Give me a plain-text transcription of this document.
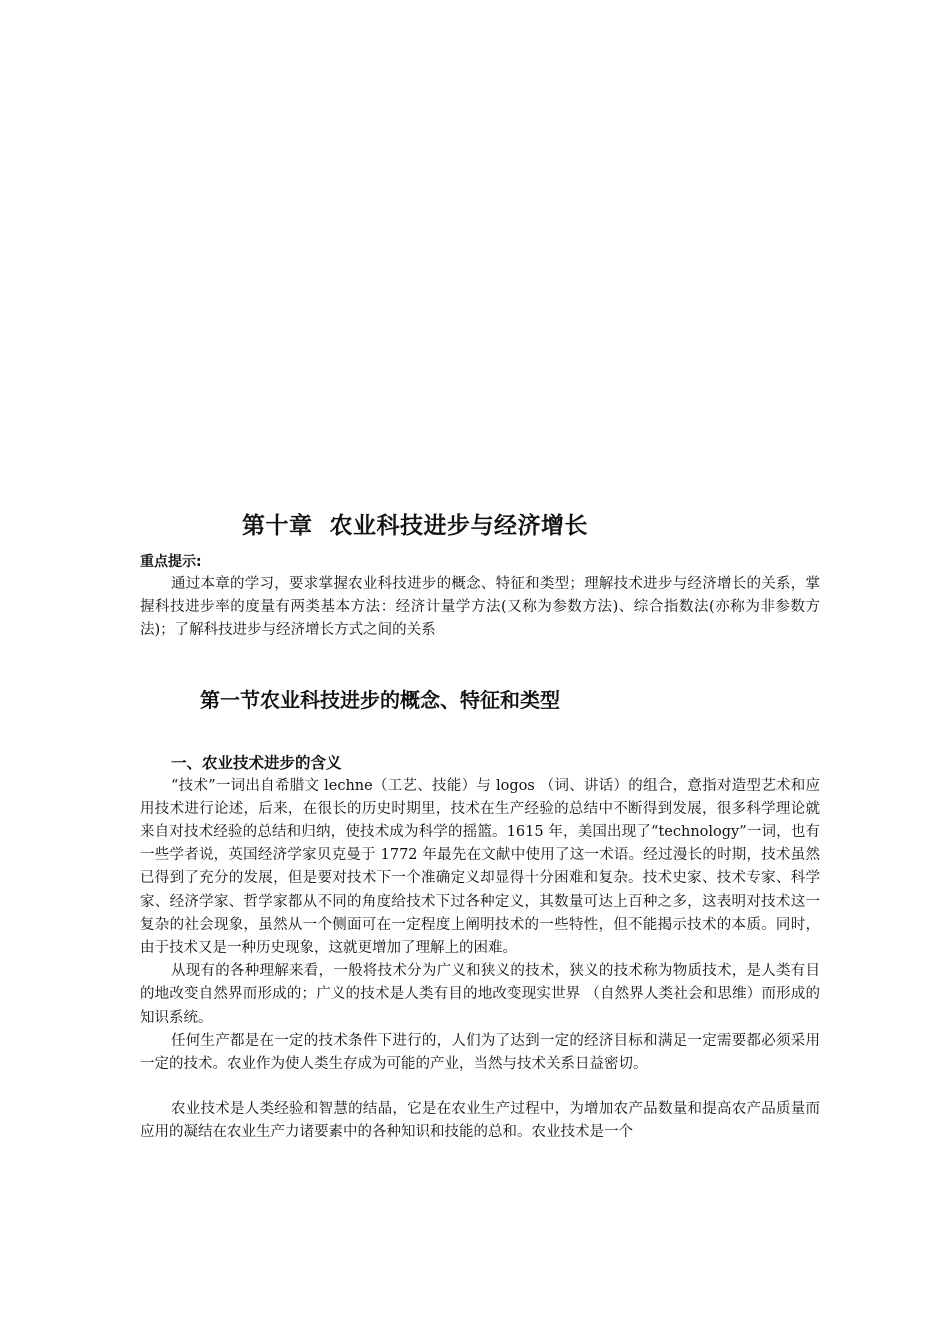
第十章  农业科技进步与经济增长
重点提示:

通过本章的学习，要求掌握农业科技进步的概念、特征和类型；理解技术进步与经济增长的关系，掌握科技进步率的度量有两类基本方法：经济计量学方法(又称为参数方法)、综合指数法(亦称为非参数方法)；了解科技进步与经济增长方式之间的关系

第一节农业科技进步的概念、特征和类型
一、农业技术进步的含义

“技术”一词出自希腊文 lechne（工艺、技能）与 logos （词、讲话）的组合，意指对造型艺术和应用技术进行论述，后来，在很长的历史时期里，技术在生产经验的总结中不断得到发展，很多科学理论就来自对技术经验的总结和归纳，使技术成为科学的摇篮。1615 年，美国出现了“technology”一词，也有一些学者说，英国经济学家贝克曼于 1772 年最先在文献中使用了这一术语。经过漫长的时期，技术虽然已得到了充分的发展，但是要对技术下一个准确定义却显得十分困难和复杂。技术史家、技术专家、科学家、经济学家、哲学家都从不同的角度给技术下过各种定义，其数量可达上百种之多，这表明对技术这一复杂的社会现象，虽然从一个侧面可在一定程度上阐明技术的一些特性，但不能揭示技术的本质。同时，由于技术又是一种历史现象，这就更增加了理解上的困难。

从现有的各种理解来看，一般将技术分为广义和狭义的技术，狭义的技术称为物质技术，是人类有目的地改变自然界而形成的；广义的技术是人类有目的地改变现实世界 （自然界人类社会和思维）而形成的知识系统。

任何生产都是在一定的技术条件下进行的，人们为了达到一定的经济目标和满足一定需要都必须采用一定的技术。农业作为使人类生存成为可能的产业，当然与技术关系日益密切。

农业技术是人类经验和智慧的结晶，它是在农业生产过程中，为增加农产品数量和提高农产品质量而应用的凝结在农业生产力诸要素中的各种知识和技能的总和。农业技术是一个
